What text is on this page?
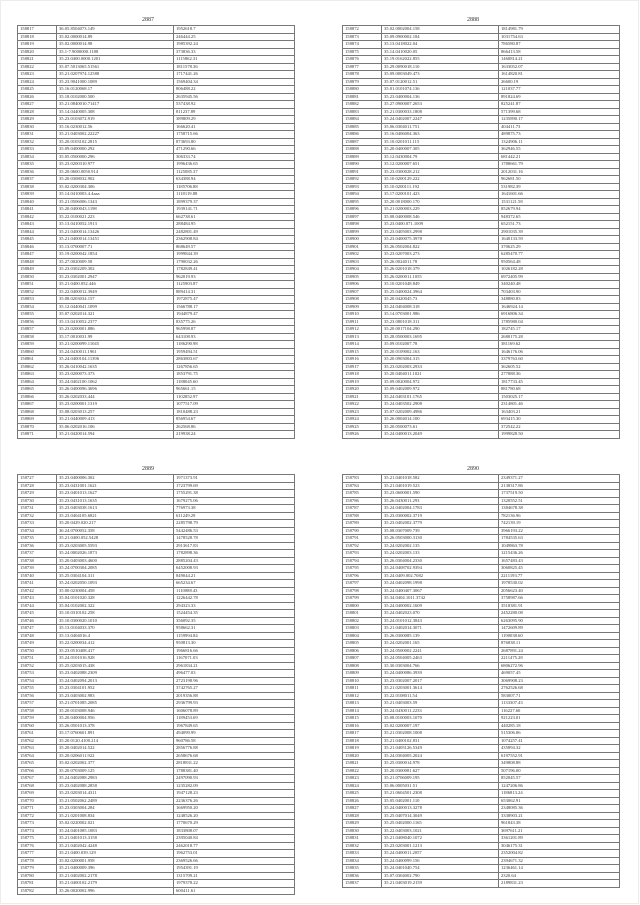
2887
158817	36.05.8504073.149	1952618.7
158818	35.02.0000014.89	246444.25
158819	35.02.0000014.98	1985392.24
158820	35.1-7.9000000.1188	373836.33
158821	35.23.0400.0000.1201	1115862.31
158822	35.07.5013065.51561	1811578.36
158823	35.21.0207974.12588	1717441.26
158824	35.23.9041000.1089	1569404.34
158825	35.16.0120068.17	806488.22
158826	35.18.0102000.500	2635945.56
158827	35.21.0840010.71417	537438.92
158828	35.14.0440005.308	811237.89
158829	35.23.0103072.919	389809.29
158830	35.16.0230012.56	166620.41
158831	35.21.0403002.22227	1758715.66
158832	35.20.0103102.2815	873693.80
158833	35.09.0400000.292	471290.66
158834	35.05.0500000.296	306333.74
158835	35.23.0200310.977	1996436.65
158836	35.20.0600.0050.914	1125085.37
158837	35.20.0308032.902	634388.94
158838	35.02.0200304.306	1185706.88
158839	35.14.0410003.4.4aaa	1118119.88
158840	35.21.0506006.1343	1899379.37
158841	35.20.0400043.1198	1939141.71
158842	35.22.0100021.223	662738.61
158843	35.13.0410052.1913	288484.95
158844	35.21.0400014.13426	2482801.49
158845	35.21.0400014.13451	2362908.84
158846	35.13.0700007.71	868649.57
158847	35.19.0200042.1854	1999844.39
158848	35.27.0020009.58	1790032.26
158849	35.23.0302209.302	1782849.41
158850	35.23.0302001.2947	962019.93
158851	35.21.0400.052.446	1125903.87
158852	35.22.0400012.3949	889414.31
158853	35.08.0203034.157	1972875.47
158854	35.12.0440041.1099	1566788.17
158855	35.07.0202014.321	1944879.47
158856	35.13.0410052.2377	835775.26
158857	35.23.0200001.886	965998.87
158858	35.17.0010031.99	643108.93
158859	35.21.0200099.11045	1186290.98
158860	35.24.0430011.1961	1959494.51
158861	35.24.0400104.11396	2863803.67
158862	35.26.0410042.1635	1267856.65
158863	35.23.0200073.373	1853791.75
158864	35.24.0402100.1062	1188045.60
158865	35.26.0400096.3696	965661.15
158866	35.26.0202033.444	1102852.97
158867	35.23.0200001.1319	1077517.09
158868	35.08.0203013.257	1810488.23
158869	35.21.0440009.413	856954.67
158870	35.06.0202016.106	262568.86
158871	35.21.0420014.594	219938.24
2888
158872	35.02.0002004.158	1814981.79
158873	35.09.0900002.184	1031754.63
158874	35.13.0418022.04	786580.87
158875	35.14.0410020.05	866413.58
158876	35.19.0162022.855	1460814.21
158877	35.29.0090018.110	1633052.07
158878	35.09.0003049.473	1614820.81
158879	35.07.0120012.51	26600.19
158880	35.01.0101074.136	121037.77
158881	35.23.0400004.136	891824.69
158882	35.27.0900007.2653	825241.87
158883	35.21.0300033.1808	571399.68
158884	35.24.0402007.2247	1235890.17
158885	35.06.0304011.751	404411.73
158886	35.16.0406004.363	489875.73
158887	35.10.0201011.115	1324906.11
158888	35.20.0400007.305	362946.55
158889	35.12.0430004.79	681442.21
158890	35.12.0200007.651	1788661.79
158891	35.23.0300028.212	2012031.16
158892	35.10.0200129.222	962681.50
158893	35.10.0200111.192	531982.39
158894	35.17.0200101.423	1641601.66
158895	35.20.0018000.170	1531121.58
158896	35.21.0200003.229	852679.94
158897	35.08.0400008.546	948372.65
158898	35.23.0400.071.1009	652151.73
158899	35.23.0405003.2998	2901035.39
158900	35.23.0400075.3978	1640133.59
158901	35.26.0502004.822	370625.29
158902	35.23.0207003.273	6285470.77
158903	35.26.0024011.78	950564.48
158904	35.26.0201018.379	1026182.28
158905	35.26.0200011.1055	6972405.99
158906	35.10.0201048.849	340240.48
158907	35.25.0400024.3964	703403.90
158908	35.20.0420045.73	348880.83
158909	35.24.0404008.318	1646924.14
158910	35.14.0703001.986	6916806.34
158911	35.23.0801018.311	1785980.04
158912	35.20.0017104.290	182745.17
158913	35.28.0500003.1695	2680175.28
158914	35.09.0102007.78	381169.62
158915	35.20.0109002.163	1646176.06
158916	35.20.0903004.315	3379763.60
158917	35.23.0202003.2933	362605.52
158918	35.20.0404011.1021	277888.36
158919	35.09.0020004.972	1817733.45
158920	35.09.0402009.972	881780.68
158921	35.24.0403101.1765	1503025.17
158922	35.24.0403502.2908	2314801.46
158923	35.07.0202009.4986	163403.21
158924	35.26.0004014.100	693415.30
158925	35.20.0500073.61	372542.22
158926	35.24.0400013.2049	1999828.50
2889
158727	35.23.0400006.302	1971373.91
158728	35.23.0431001.1621	1723799.69
158729	35.23.0401013.1627	1755291.38
158730	35.23.0431013.1635	1679275.06
158731	35.23.0403038.1613	776973.38
158732	35.23.0404105.6821	611249.29
158733	35.20.0429.020.217	2285798.79
158734	36.24.0700052.358	5442486.53
158735	35.21.0400.052.5428	1478528.78
158736	35.23.0203005.5593	2913617.83
158737	35.24.0002026.1873	1782898.36
158738	35.20.0403003.4600	2885204.43
158739	35.24.0700304.2085	6452008.93
158740	35.25.0304104.311	849044.21
158741	35.24.0202050.1093	665234.67
158742	35.00.0230004.458	1110088.43
158743	35.04.0101020.328	1226442.78
158744	35.04.0102002.322	294323.33
158745	35.10.0310102.258	1524454.35
158746	35.10.0300020.1010	356092.35
158747	35.13.0104033.370	958662.31
158748	35.13.0404016.4	1159994.84
158749	35.22.0200034.412	950813.30
158750	35.23.0510408.417	1966816.66
158751	35.24.0101016.928	1167071.03
158752	35.25.0203015.438	2961834.21
158753	35.23.0402088.2309	496477.03
158754	35.24.0402094.2013	2723198.96
158755	35.23.0304101.952	3742765.27
158756	35.23.0403002.983	2019356.88
158757	35.21.0701085.2085	2936799.93
158758	35.20.0103008.946	1606078.89
158759	35.20.0400004.956	1189453.69
158760	35.26.0501013.378	1967849.65
158761	35.17.0760601.891	494099.99
158762	35.20.0120.4100.214	960786.58
158763	35.20.0402014.522	2856776.88
158764	35.20.0206011.922	2658676.68
158765	35.02.0202002.377	2818831.22
158766	35.20.0703009.125	1788381.40
158767	35.24.0402088.2983	2497090.93
158768	35.23.0402088.2858	1235282.09
158769	35.23.0203014.4311	1947128.23
158770	35.21.0502062.2489	2236376.26
158771	35.23.0303004.284	1669950.20
158772	35.21.0201008.834	1248526.20
158773	35.02.0220002.021	1770670.29
158774	35.24.0401085.1083	1833808.07
158775	35.21.0401013.3158	2395040.84
158776	35.21.0402042.4248	2462018.77
158777	35.21.0400.039.129	1962753.01
158778	35.02.0200001.958	2369526.66
158779	35.21.0400009.396	1954391.19
158780	35.21.0402002.2178	1315709.21
158781	35.21.0400102.2179	1979378.22
158782	35.26.0020002.996	600411.61
2890
158783	35.21.0401018.582	2349371.27
158784	35.21.0401019.523	2138317.86
158785	35.23.0600001.590	1737519.50
158786	35.26.0430011.293	1320552.51
158787	35.24.0402004.1783	1384678.38
158788	35.23.0300002.3719	782136.96
158789	35.23.0402002.3779	742139.19
158790	35.08.0307009.739	3966193.22
158791	35.26.0503000.3130	1784535.63
158792	35.24.0202002.135	1049863.78
158793	35.24.0202003.133	1215436.26
158794	35.26.0304004.2330	1657483.43
158795	35.24.0408702.9394	3060825.45
158796	35.24.0409.002.7082	2211193.77
158797	35.24.0402098.1998	1978530.02
158798	35.24.0400407.3067	2056623.40
158799	35.34.0404.1011.3742	3758987.66
158800	35.24.0400002.1609	3518381.91
158801	35.24.0402023.070	2452280.08
158802	35.24.0101012.3843	6263095.90
158803	35.21.0402014.3071	1472609.89
158804	35.26.0300085.139	1190038.60
158805	35.24.0202001.165	876838.11
158806	35.24.0500002.2241	2687891.24
158807	35.24.0504005.2463	2211475.28
158808	35.30.0303004.766	6806272.96
158809	35.24.0400086.3939	469057.45
158810	35.23.0302007.2017	3069908.23
158811	35.21.0203001.3614	2762526.68
158812	35.22.0108011.54	583007.71
158813	35.21.0403003.59	1133307.43
158814	35.24.0430011.2233	116227.60
158815	35.08.0100003.1070	921223.01
158816	35.02.0200007.197	440285.18
158817	35.21.0302008.1008	515306.06
158818	35.21.0400102.831	1074257.41
158819	35.21.0405126.5349	435894.32
158820	35.24.0304005.2024	6197552.91
158821	35.25.0300014.978	349808.88
158822	35.20.0300081.627	507196.00
158823	35.21.0706009.195	852045.57
158824	35.06.0005031.51	1247206.86
158825	35.21.0604501.2308	1186813.24
158826	35.05.0402001.110	653062.91
158827	35.24.0400013.3278	2348085.36
158828	35.25.0407014.3049	3338903.21
158829	35.25.0402000.1165	961843.38
158830	35.22.0403003.1021	3697611.21
158831	35.21.0408040.1072	3361201.89
158832	35.23.0203001.1213	3046175.31
158833	35.24.0400011.2057	2352004.82
158834	35.24.0400099.156	2394671.32
158835	35.24.0401040.754	1236461.14
158836	35.07.0304002.790	2320.64
158837	35.21.0403019.2159	2189831.23
